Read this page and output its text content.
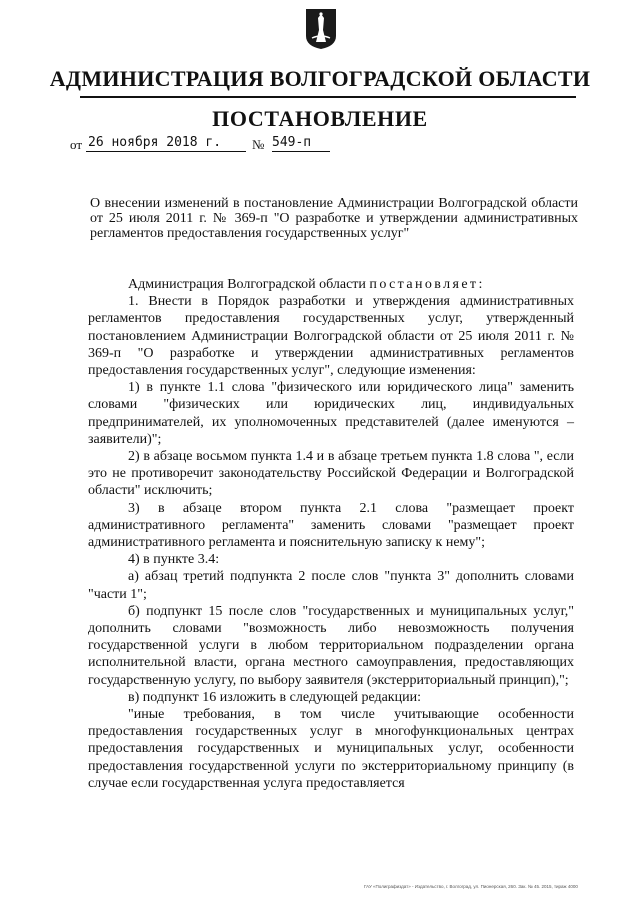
АДМИНИСТРАЦИЯ ВОЛГОГРАДСКОЙ ОБЛАСТИ
ПОСТАНОВЛЕНИЕ
от 26 ноября 2018 г.	№ 549-п
О внесении изменений в постановление Администрации Волгоградской области от 25 июля 2011 г. № 369-п "О разработке и утверждении административных регламентов предоставления государственных услуг"

Администрация Волгоградской области постановляет:

1. Внести в Порядок разработки и утверждения административных регламентов предоставления государственных услуг, утвержденный постановлением Администрации Волгоградской области от 25 июля 2011 г. № 369-п "О разработке и утверждении административных регламентов предоставления государственных услуг", следующие изменения:

1) в пункте 1.1 слова "физического или юридического лица" заменить словами "физических или юридических лиц, индивидуальных предпринимателей, их уполномоченных представителей (далее именуются – заявители)";

2) в абзаце восьмом пункта 1.4 и в абзаце третьем пункта 1.8 слова ", если это не противоречит законодательству Российской Федерации и Волгоградской области" исключить;

3) в абзаце втором пункта 2.1 слова "размещает проект административного регламента" заменить словами "размещает проект административного регламента и пояснительную записку к нему";

4) в пункте 3.4:

а) абзац третий подпункта 2 после слов "пункта 3" дополнить словами "части 1";

б) подпункт 15 после слов "государственных и муниципальных услуг," дополнить словами "возможность либо невозможность получения государственной услуги в любом территориальном подразделении органа исполнительной власти, органа местного самоуправления, предоставляющих государственную услугу, по выбору заявителя (экстерриториальный принцип),";

в) подпункт 16 изложить в следующей редакции:

"иные требования, в том числе учитывающие особенности предоставления государственных услуг в многофункциональных центрах предоставления государственных и муниципальных услуг, особенности предоставления государственной услуги по экстерриториальному принципу (в случае если государственная услуга предоставляется

ГАУ «Полиграфиздат» - Издательство, г. Волгоград, ул. Пионерская, 260. Зак. № 45. 2015, тираж 4000
